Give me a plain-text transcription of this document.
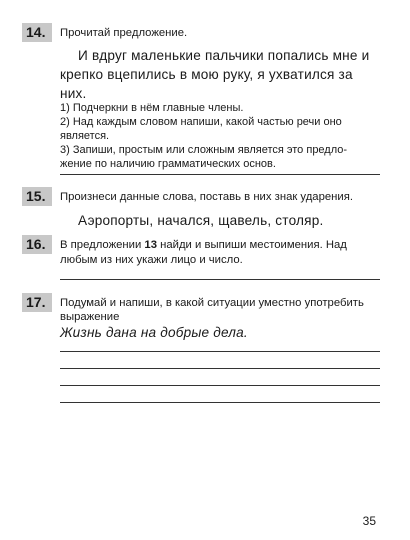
14.	Прочитай предложение.
И вдруг маленькие пальчики попались мне и
крепко вцепились в мою руку, я ухватился за
них.
1) Подчеркни в нём главные члены.
2) Над каждым словом напиши, какой частью речи оно
является.
3) Запиши, простым или сложным является это предло-
жение по наличию грамматических основ.
15.	Произнеси данные слова, поставь в них знак ударения.
Аэропорты, начался, щавель, столяр.
16.	В предложении 13 найди и выпиши местоимения. Над
любым из них укажи лицо и число.
17.	Подумай и напиши, в какой ситуации уместно употребить
выражение
Жизнь дана на добрые дела.
35
